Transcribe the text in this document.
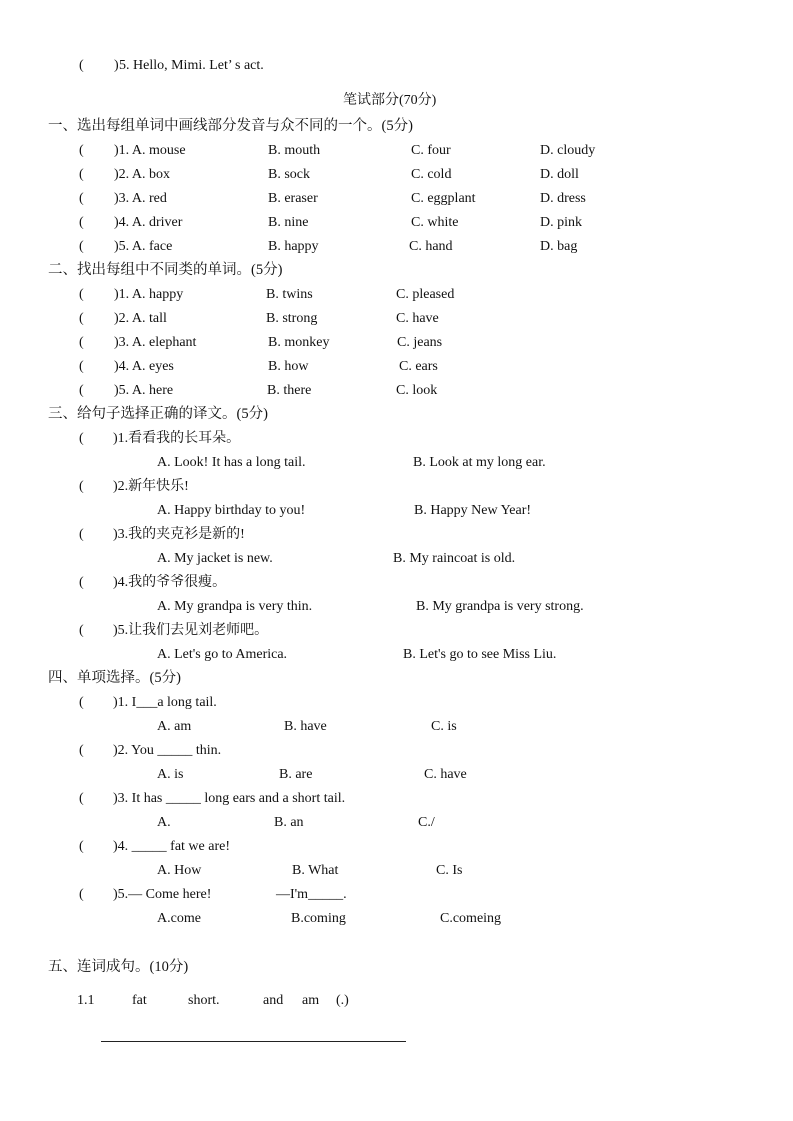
( ) 5. Hello, Mimi. Let’ s act.
笔试部分(70分)
一、选出每组单词中画线部分发音与众不同的一个。(5分)
( )1. A. mouse	B. mouth	C. four	D. cloudy
( )2. A. box	B. sock	C. cold	D. doll
( )3. A. red	B. eraser	C. eggplant	D. dress
( )4. A. driver	B. nine	C. white	D. pink
( )5. A. face	B. happy	C. hand	D. bag
二、找出每组中不同类的单词。(5分)
( )1. A. happy	B. twins	C. pleased
( )2. A. tall	B. strong	C. have
( )3. A. elephant	B. monkey	C. jeans
( )4. A. eyes	B. how	C. ears
( )5. A. here	B. there	C. look
三、给句子选择正确的译文。(5分)
( )1.看看我的长耳朵。
A. Look! It has a long tail.	B. Look at my long ear.
( )2.新年快乐!
A. Happy birthday to you!	B. Happy New Year!
( )3.我的夹克衫是新的!
A. My jacket is new.	B. My raincoat is old.
( )4.我的爷爷很瘦。
A. My grandpa is very thin.	B. My grandpa is very strong.
( )5.让我们去见刘老师吧。
A. Let's go to America.	B. Let's go to see Miss Liu.
四、单项选择。(5分)
( )1. I___a long tail.
A. am	B. have	C. is
( )2. You _____ thin.
A. is	B. are	C. have
( )3. It has _____ long ears and a short tail.
A.	B. an	C./
( )4. _____ fat we are!
A. How	B. What	C. Is
( )5.— Come here!	—I'm_____.
A.come	B.coming	C.comeing
五、连词成句。(10分)
1.1	fat	short.	and am (.)
